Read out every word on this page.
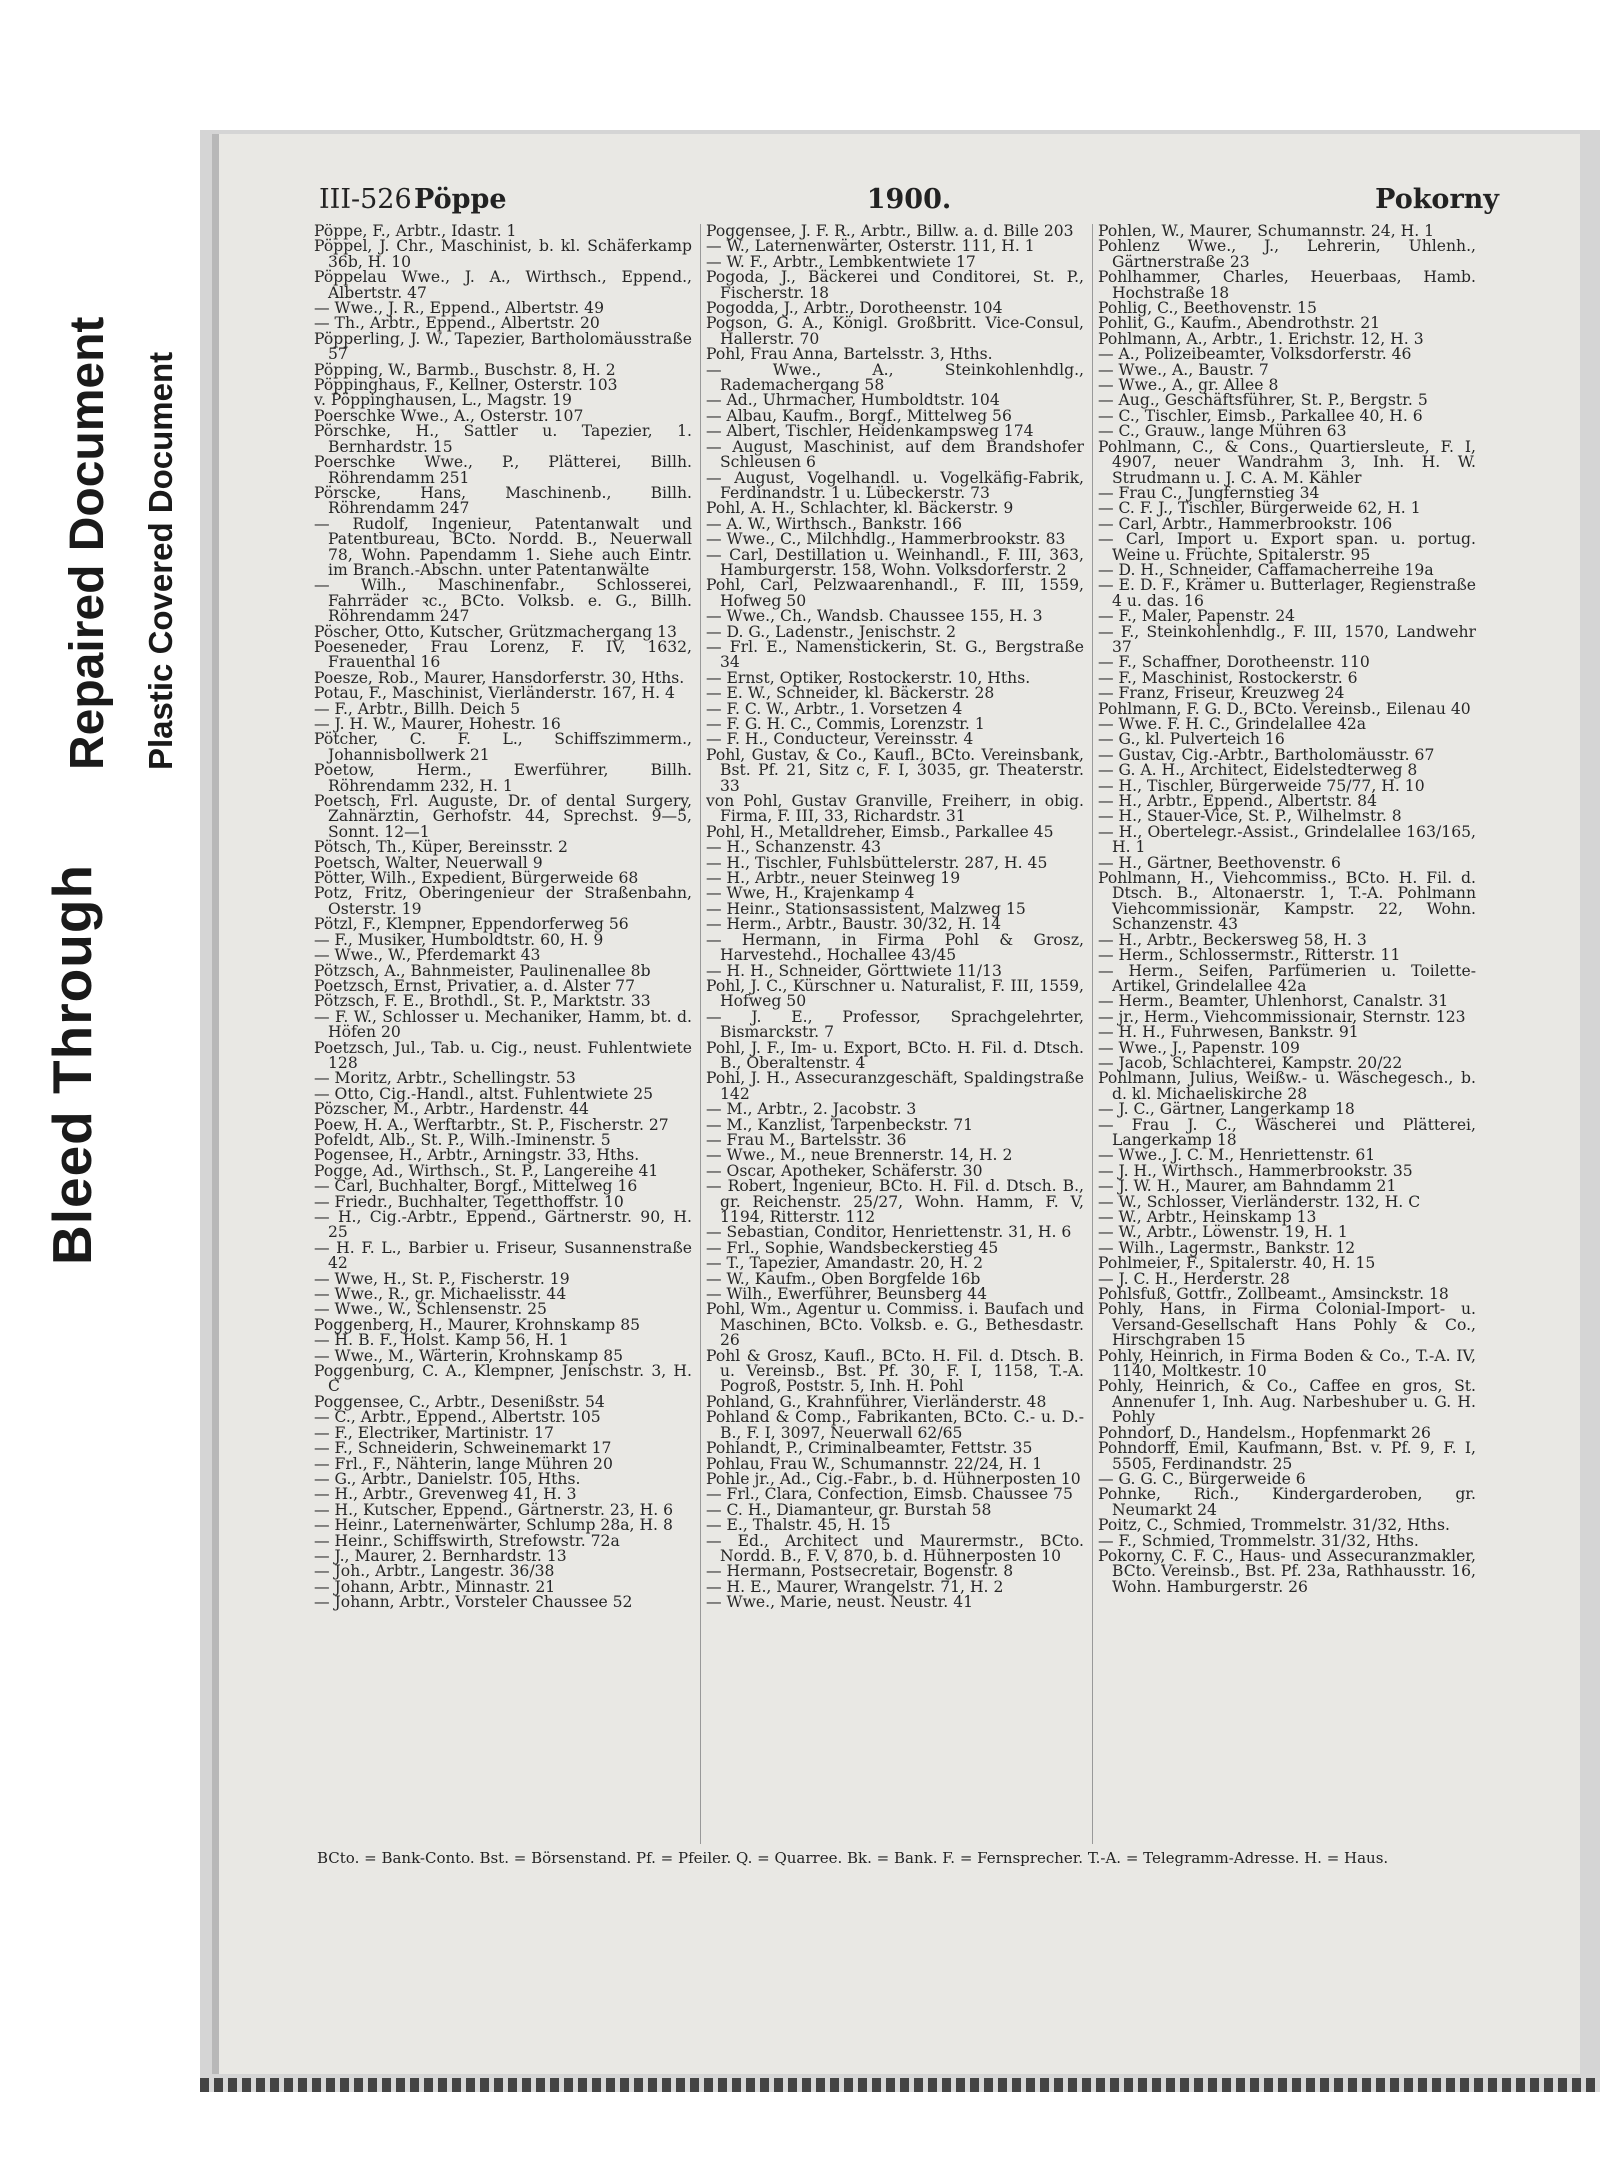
Bleed Through
Repaired Document Plastic Covered Document
III-526 Pöppe	1900.	Pokorny

Pöppe, F., Arbtr., Idastr. 1

Pöppel, J. Chr., Maschinist, b. kl. Schäferkamp 36b, H. 10

Pöppelau Wwe., J. A., Wirthsch., Eppend., Albertstr. 47

— Wwe., J. R., Eppend., Albertstr. 49

— Th., Arbtr., Eppend., Albertstr. 20

Pöpperling, J. W., Tapezier, Bartholomäusstraße 57

Pöpping, W., Barmb., Buschstr. 8, H. 2

Pöppinghaus, F., Kellner, Osterstr. 103

v. Pöppinghausen, L., Magstr. 19

Poerschke Wwe., A., Osterstr. 107

Pörschke, H., Sattler u. Tapezier, 1. Bernhardstr. 15

Poerschke Wwe., P., Plätterei, Billh. Röhrendamm 251

Pörscke, Hans, Maschinenb., Billh. Röhrendamm 247

— Rudolf, Ingenieur, Patentanwalt und Patentbureau, BCto. Nordd. B., Neuerwall 78, Wohn. Papendamm 1. Siehe auch Eintr. im Branch.-Abschn. unter Patentanwälte

— Wilh., Maschinenfabr., Schlosserei, Fahrräder ꝛc., BCto. Volksb. e. G., Billh. Röhrendamm 247

Pöscher, Otto, Kutscher, Grützmachergang 13

Poeseneder, Frau Lorenz, F. IV, 1632, Frauenthal 16

Poesze, Rob., Maurer, Hansdorferstr. 30, Hths.

Potau, F., Maschinist, Vierländerstr. 167, H. 4

— F., Arbtr., Billh. Deich 5

— J. H. W., Maurer, Hohestr. 16

Pötcher, C. F. L., Schiffszimmerm., Johannisbollwerk 21

Poetow, Herm., Ewerführer, Billh. Röhrendamm 232, H. 1

Poetsch, Frl. Auguste, Dr. of dental Surgery, Zahnärztin, Gerhofstr. 44, Sprechst. 9—5, Sonnt. 12—1

Pötsch, Th., Küper, Bereinsstr. 2

Poetsch, Walter, Neuerwall 9

Pötter, Wilh., Expedient, Bürgerweide 68

Potz, Fritz, Oberingenieur der Straßenbahn, Osterstr. 19

Pötzl, F., Klempner, Eppendorferweg 56

— F., Musiker, Humboldtstr. 60, H. 9

— Wwe., W., Pferdemarkt 43

Pötzsch, A., Bahnmeister, Paulinenallee 8b

Poetzsch, Ernst, Privatier, a. d. Alster 77

Pötzsch, F. E., Brothdl., St. P., Marktstr. 33

— F. W., Schlosser u. Mechaniker, Hamm, bt. d. Höfen 20

Poetzsch, Jul., Tab. u. Cig., neust. Fuhlentwiete 128

— Moritz, Arbtr., Schellingstr. 53

— Otto, Cig.-Handl., altst. Fuhlentwiete 25

Pözscher, M., Arbtr., Hardenstr. 44

Poew, H. A., Werftarbtr., St. P., Fischerstr. 27

Pofeldt, Alb., St. P., Wilh.-Iminenstr. 5

Pogensee, H., Arbtr., Arningstr. 33, Hths.

Pogge, Ad., Wirthsch., St. P., Langereihe 41

— Carl, Buchhalter, Borgf., Mittelweg 16

— Friedr., Buchhalter, Tegetthoffstr. 10

— H., Cig.-Arbtr., Eppend., Gärtnerstr. 90, H. 25

— H. F. L., Barbier u. Friseur, Susannenstraße 42

— Wwe, H., St. P., Fischerstr. 19

— Wwe., R., gr. Michaelisstr. 44

— Wwe., W., Schlensenstr. 25

Poggenberg, H., Maurer, Krohnskamp 85

— H. B. F., Holst. Kamp 56, H. 1

— Wwe., M., Wärterin, Krohnskamp 85

Poggenburg, C. A., Klempner, Jenischstr. 3, H. C

Poggensee, C., Arbtr., Desenißstr. 54

— C., Arbtr., Eppend., Albertstr. 105

— F., Electriker, Martinistr. 17

— F., Schneiderin, Schweinemarkt 17

— Frl., F., Nähterin, lange Mühren 20

— G., Arbtr., Danielstr. 105, Hths.

— H., Arbtr., Grevenweg 41, H. 3

— H., Kutscher, Eppend., Gärtnerstr. 23, H. 6

— Heinr., Laternenwärter, Schlump 28a, H. 8

— Heinr., Schiffswirth, Strefowstr. 72a

— J., Maurer, 2. Bernhardstr. 13

— Joh., Arbtr., Langestr. 36/38

— Johann, Arbtr., Minnastr. 21

— Johann, Arbtr., Vorsteler Chaussee 52

Poggensee, J. F. R., Arbtr., Billw. a. d. Bille 203

— W., Laternenwärter, Osterstr. 111, H. 1

— W. F., Arbtr., Lembkentwiete 17

Pogoda, J., Bäckerei und Conditorei, St. P., Fischerstr. 18

Pogodda, J., Arbtr., Dorotheenstr. 104

Pogson, G. A., Königl. Großbritt. Vice-Consul, Hallerstr. 70

Pohl, Frau Anna, Bartelsstr. 3, Hths.

— Wwe., A., Steinkohlenhdlg., Rademachergang 58

— Ad., Uhrmacher, Humboldtstr. 104

— Albau, Kaufm., Borgf., Mittelweg 56

— Albert, Tischler, Heidenkampsweg 174

— August, Maschinist, auf dem Brandshofer Schleusen 6

— August, Vogelhandl. u. Vogelkäfig-Fabrik, Ferdinandstr. 1 u. Lübeckerstr. 73

Pohl, A. H., Schlachter, kl. Bäckerstr. 9

— A. W., Wirthsch., Bankstr. 166

— Wwe., C., Milchhdlg., Hammerbrookstr. 83

— Carl, Destillation u. Weinhandl., F. III, 363, Hamburgerstr. 158, Wohn. Volksdorferstr. 2

Pohl, Carl, Pelzwaarenhandl., F. III, 1559, Hofweg 50

— Wwe., Ch., Wandsb. Chaussee 155, H. 3

— D. G., Ladenstr., Jenischstr. 2

— Frl. E., Namenstickerin, St. G., Bergstraße 34

— Ernst, Optiker, Rostockerstr. 10, Hths.

— E. W., Schneider, kl. Bäckerstr. 28

— F. C. W., Arbtr., 1. Vorsetzen 4

— F. G. H. C., Commis, Lorenzstr. 1

— F. H., Conducteur, Vereinsstr. 4

Pohl, Gustav, & Co., Kaufl., BCto. Vereinsbank, Bst. Pf. 21, Sitz c, F. I, 3035, gr. Theaterstr. 33

von Pohl, Gustav Granville, Freiherr, in obig. Firma, F. III, 33, Richardstr. 31

Pohl, H., Metalldreher, Eimsb., Parkallee 45

— H., Schanzenstr. 43

— H., Tischler, Fuhlsbüttelerstr. 287, H. 45

— H., Arbtr., neuer Steinweg 19

— Wwe, H., Krajenkamp 4

— Heinr., Stationsassistent, Malzweg 15

— Herm., Arbtr., Baustr. 30/32, H. 14

— Hermann, in Firma Pohl & Grosz, Harvestehd., Hochallee 43/45

— H. H., Schneider, Görttwiete 11/13

Pohl, J. C., Kürschner u. Naturalist, F. III, 1559, Hofweg 50

— J. E., Professor, Sprachgelehrter, Bismarckstr. 7

Pohl, J. F., Im- u. Export, BCto. H. Fil. d. Dtsch. B., Oberaltenstr. 4

Pohl, J. H., Assecuranzgeschäft, Spaldingstraße 142

— M., Arbtr., 2. Jacobstr. 3

— M., Kanzlist, Tarpenbeckstr. 71

— Frau M., Bartelsstr. 36

— Wwe., M., neue Brennerstr. 14, H. 2

— Oscar, Apotheker, Schäferstr. 30

— Robert, Ingenieur, BCto. H. Fil. d. Dtsch. B., gr. Reichenstr. 25/27, Wohn. Hamm, F. V, 1194, Ritterstr. 112

— Sebastian, Conditor, Henriettenstr. 31, H. 6

— Frl., Sophie, Wandsbeckerstieg 45

— T., Tapezier, Amandastr. 20, H. 2

— W., Kaufm., Oben Borgfelde 16b

— Wilh., Ewerführer, Beunsberg 44

Pohl, Wm., Agentur u. Commiss. i. Baufach und Maschinen, BCto. Volksb. e. G., Bethesdastr. 26

Pohl & Grosz, Kaufl., BCto. H. Fil. d. Dtsch. B. u. Vereinsb., Bst. Pf. 30, F. I, 1158, T.-A. Pogroß, Poststr. 5, Inh. H. Pohl

Pohland, G., Krahnführer, Vierländerstr. 48

Pohland & Comp., Fabrikanten, BCto. C.- u. D.-B., F. I, 3097, Neuerwall 62/65

Pohlandt, P., Criminalbeamter, Fettstr. 35

Pohlau, Frau W., Schumannstr. 22/24, H. 1

Pohle jr., Ad., Cig.-Fabr., b. d. Hühnerposten 10

— Frl., Clara, Confection, Eimsb. Chaussee 75

— C. H., Diamanteur, gr. Burstah 58

— E., Thalstr. 45, H. 15

— Ed., Architect und Maurermstr., BCto. Nordd. B., F. V, 870, b. d. Hühnerposten 10

— Hermann, Postsecretair, Bogenstr. 8

— H. E., Maurer, Wrangelstr. 71, H. 2

— Wwe., Marie, neust. Neustr. 41

Pohlen, W., Maurer, Schumannstr. 24, H. 1

Pohlenz Wwe., J., Lehrerin, Uhlenh., Gärtnerstraße 23

Pohlhammer, Charles, Heuerbaas, Hamb. Hochstraße 18

Pohlig, C., Beethovenstr. 15

Pohlit, G., Kaufm., Abendrothstr. 21

Pohlmann, A., Arbtr., 1. Erichstr. 12, H. 3

— A., Polizeibeamter, Volksdorferstr. 46

— Wwe., A., Baustr. 7

— Wwe., A., gr. Allee 8

— Aug., Geschäftsführer, St. P., Bergstr. 5

— C., Tischler, Eimsb., Parkallee 40, H. 6

— C., Grauw., lange Mühren 63

Pohlmann, C., & Cons., Quartiersleute, F. I, 4907, neuer Wandrahm 3, Inh. H. W. Strudmann u. J. C. A. M. Kähler

— Frau C., Jungfernstieg 34

— C. F. J., Tischler, Bürgerweide 62, H. 1

— Carl, Arbtr., Hammerbrookstr. 106

— Carl, Import u. Export span. u. portug. Weine u. Früchte, Spitalerstr. 95

— D. H., Schneider, Caffamacherreihe 19a

— E. D. F., Krämer u. Butterlager, Regienstraße 4 u. das. 16

— F., Maler, Papenstr. 24

— F., Steinkohlenhdlg., F. III, 1570, Landwehr 37

— F., Schaffner, Dorotheenstr. 110

— F., Maschinist, Rostockerstr. 6

— Franz, Friseur, Kreuzweg 24

Pohlmann, F. G. D., BCto. Vereinsb., Eilenau 40

— Wwe. F. H. C., Grindelallee 42a

— G., kl. Pulverteich 16

— Gustav, Cig.-Arbtr., Bartholomäusstr. 67

— G. A. H., Architect, Eidelstedterweg 8

— H., Tischler, Bürgerweide 75/77, H. 10

— H., Arbtr., Eppend., Albertstr. 84

— H., Stauer-Vice, St. P., Wilhelmstr. 8

— H., Obertelegr.-Assist., Grindelallee 163/165, H. 1

— H., Gärtner, Beethovenstr. 6

Pohlmann, H., Viehcommiss., BCto. H. Fil. d. Dtsch. B., Altonaerstr. 1, T.-A. Pohlmann Viehcommissionär, Kampstr. 22, Wohn. Schanzenstr. 43

— H., Arbtr., Beckersweg 58, H. 3

— Herm., Schlossermstr., Ritterstr. 11

— Herm., Seifen, Parfümerien u. Toilette-Artikel, Grindelallee 42a

— Herm., Beamter, Uhlenhorst, Canalstr. 31

— jr., Herm., Viehcommissionair, Sternstr. 123

— H. H., Fuhrwesen, Bankstr. 91

— Wwe., J., Papenstr. 109

— Jacob, Schlachterei, Kampstr. 20/22

Pohlmann, Julius, Weißw.- u. Wäschegesch., b. d. kl. Michaeliskirche 28

— J. C., Gärtner, Langerkamp 18

— Frau J. C., Wäscherei und Plätterei, Langerkamp 18

— Wwe., J. C. M., Henriettenstr. 61

— J. H., Wirthsch., Hammerbrookstr. 35

— J. W. H., Maurer, am Bahndamm 21

— W., Schlosser, Vierländerstr. 132, H. C

— W., Arbtr., Heinskamp 13

— W., Arbtr., Löwenstr. 19, H. 1

— Wilh., Lagermstr., Bankstr. 12

Pohlmeier, F., Spitalerstr. 40, H. 15

— J. C. H., Herderstr. 28

Pohlsfuß, Gottfr., Zollbeamt., Amsinckstr. 18

Pohly, Hans, in Firma Colonial-Import- u. Versand-Gesellschaft Hans Pohly & Co., Hirschgraben 15

Pohly, Heinrich, in Firma Boden & Co., T.-A. IV, 1140, Moltkestr. 10

Pohly, Heinrich, & Co., Caffee en gros, St. Annenufer 1, Inh. Aug. Narbeshuber u. G. H. Pohly

Pohndorf, D., Handelsm., Hopfenmarkt 26

Pohndorff, Emil, Kaufmann, Bst. v. Pf. 9, F. I, 5505, Ferdinandstr. 25

— G. G. C., Bürgerweide 6

Pohnke, Rich., Kindergarderoben, gr. Neumarkt 24

Poitz, C., Schmied, Trommelstr. 31/32, Hths.

— F., Schmied, Trommelstr. 31/32, Hths.

Pokorny, C. F. C., Haus- und Assecuranzmakler, BCto. Vereinsb., Bst. Pf. 23a, Rathhausstr. 16, Wohn. Hamburgerstr. 26

BCto. = Bank-Conto. Bst. = Börsenstand. Pf. = Pfeiler. Q. = Quarree. Bk. = Bank. F. = Fernsprecher. T.-A. = Telegramm-Adresse. H. = Haus.
